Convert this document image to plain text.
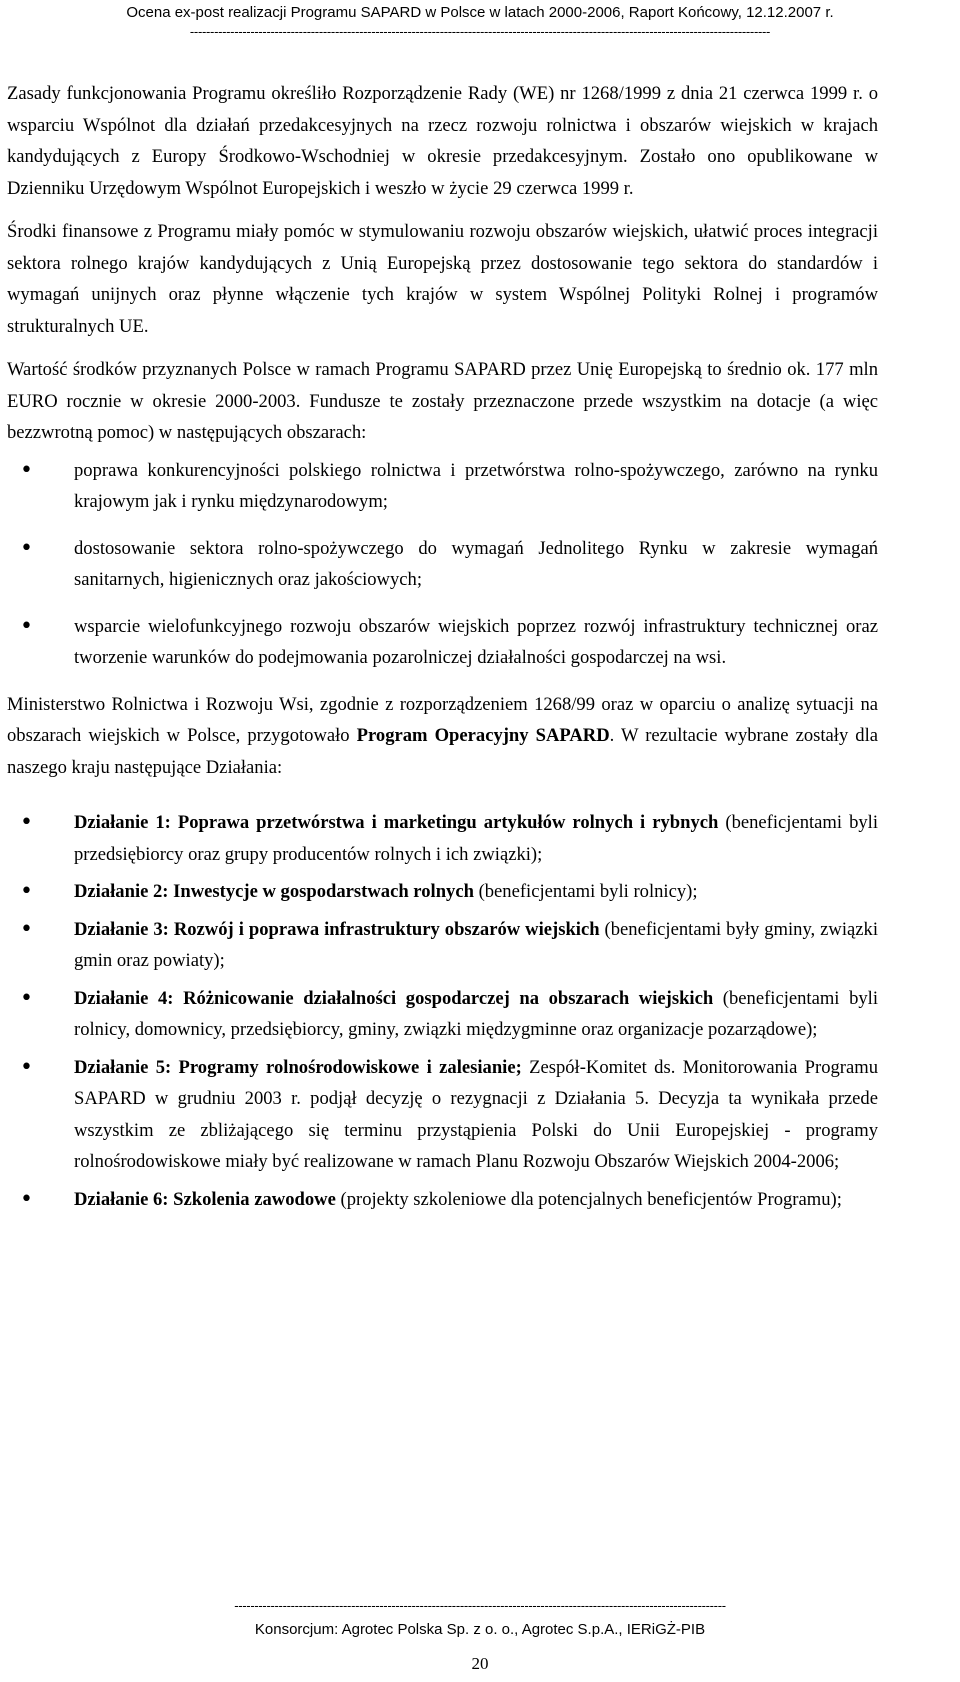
Ocena ex-post realizacji Programu SAPARD w Polsce w latach 2000-2006, Raport Końcowy, 12.12.2007 r.
------------------------------------------------------------------------------------------------------------------------------------------------

Zasady funkcjonowania Programu określiło Rozporządzenie Rady (WE) nr 1268/1999 z dnia 21 czerwca 1999 r. o wsparciu Wspólnot dla działań przedakcesyjnych na rzecz rozwoju rolnictwa i obszarów wiejskich w krajach kandydujących z Europy Środkowo-Wschodniej w okresie przedakcesyjnym. Zostało ono opublikowane w Dzienniku Urzędowym Wspólnot Europejskich i weszło w życie 29 czerwca 1999 r.

Środki finansowe z Programu miały pomóc w stymulowaniu rozwoju obszarów wiejskich, ułatwić proces integracji sektora rolnego krajów kandydujących z Unią Europejską przez dostosowanie tego sektora do standardów i wymagań unijnych oraz płynne włączenie tych krajów w system Wspólnej Polityki Rolnej i programów strukturalnych UE.

Wartość środków przyznanych Polsce w ramach Programu SAPARD przez Unię Europejską to średnio ok. 177 mln EURO rocznie w okresie 2000-2003. Fundusze te zostały przeznaczone przede wszystkim na dotacje (a więc bezzwrotną pomoc) w następujących obszarach:

• poprawa konkurencyjności polskiego rolnictwa i przetwórstwa rolno-spożywczego, zarówno na rynku krajowym jak i rynku międzynarodowym;
• dostosowanie sektora rolno-spożywczego do wymagań Jednolitego Rynku w zakresie wymagań sanitarnych, higienicznych oraz jakościowych;
• wsparcie wielofunkcyjnego rozwoju obszarów wiejskich poprzez rozwój infrastruktury technicznej oraz tworzenie warunków do podejmowania pozarolniczej działalności gospodarczej na wsi.

Ministerstwo Rolnictwa i Rozwoju Wsi, zgodnie z rozporządzeniem 1268/99 oraz w oparciu o analizę sytuacji na obszarach wiejskich w Polsce, przygotowało Program Operacyjny SAPARD. W rezultacie wybrane zostały dla naszego kraju następujące Działania:

• Działanie 1: Poprawa przetwórstwa i marketingu artykułów rolnych i rybnych (beneficjentami byli przedsiębiorcy oraz grupy producentów rolnych i ich związki);
• Działanie 2: Inwestycje w gospodarstwach rolnych (beneficjentami byli rolnicy);
• Działanie 3: Rozwój i poprawa infrastruktury obszarów wiejskich (beneficjentami były gminy, związki gmin oraz powiaty);
• Działanie 4: Różnicowanie działalności gospodarczej na obszarach wiejskich (beneficjentami byli rolnicy, domownicy, przedsiębiorcy, gminy, związki międzygminne oraz organizacje pozarządowe);
• Działanie 5: Programy rolnośrodowiskowe i zalesianie; Zespół-Komitet ds. Monitorowania Programu SAPARD w grudniu 2003 r. podjął decyzję o rezygnacji z Działania 5. Decyzja ta wynikała przede wszystkim ze zbliżającego się terminu przystąpienia Polski do Unii Europejskiej - programy rolnośrodowiskowe miały być realizowane w ramach Planu Rozwoju Obszarów Wiejskich 2004-2006;
• Działanie 6: Szkolenia zawodowe (projekty szkoleniowe dla potencjalnych beneficjentów Programu);
--------------------------------------------------------------------------------------------------------------------------
Konsorcjum: Agrotec Polska Sp. z o. o., Agrotec S.p.A., IERiGŻ-PIB
20
